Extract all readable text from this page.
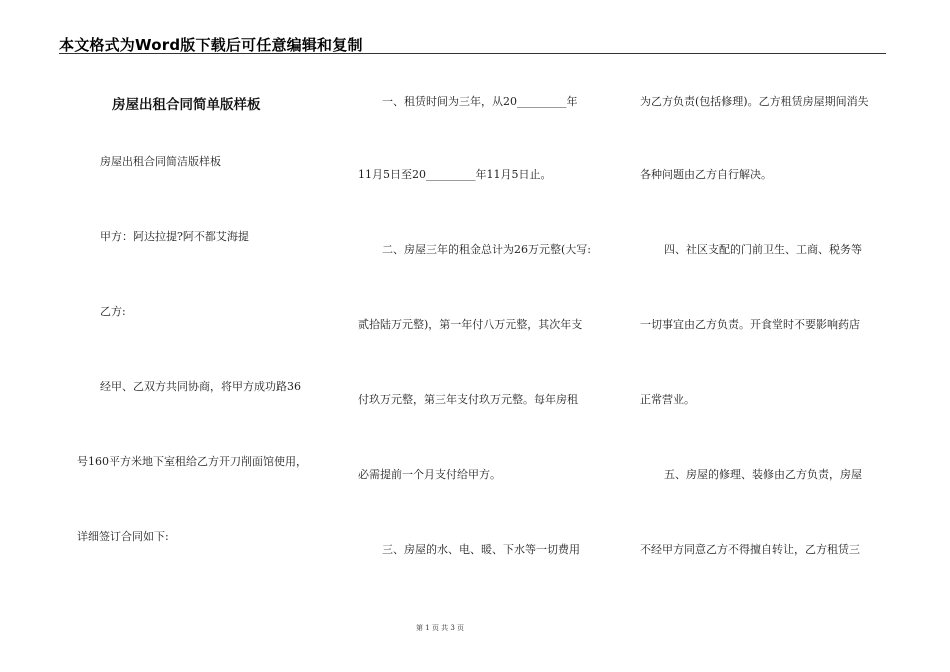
本文格式为Word版下载后可任意编辑和复制
房屋出租合同简单版样板
房屋出租合同简洁版样板
甲方：阿达拉提?阿不都艾海提
乙方:
经甲、乙双方共同协商，将甲方成功路36
号160平方米地下室租给乙方开刀削面馆使用，
详细签订合同如下:
一、租赁时间为三年，从20_________年
11月5日至20_________年11月5日止。
二、房屋三年的租金总计为26万元整(大写:
贰拾陆万元整)，第一年付八万元整，其次年支
付玖万元整，第三年支付玖万元整。每年房租
必需提前一个月支付给甲方。
三、房屋的水、电、暖、下水等一切费用
为乙方负责(包括修理)。乙方租赁房屋期间消失
各种问题由乙方自行解决。
四、社区支配的门前卫生、工商、税务等
一切事宜由乙方负责。开食堂时不要影响药店
正常营业。
五、房屋的修理、装修由乙方负责，房屋
不经甲方同意乙方不得擅自转让，乙方租赁三
第 1 页 共 3 页
